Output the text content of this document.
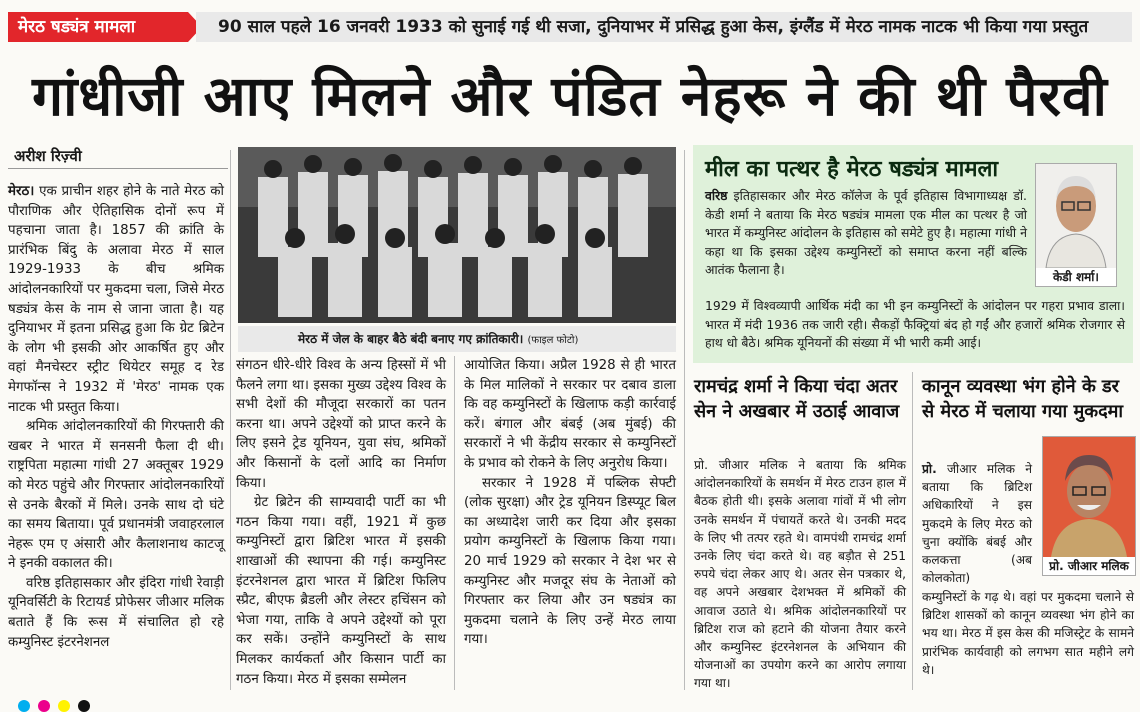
मेरठ षड्यंत्र मामला	90 साल पहले 16 जनवरी 1933 को सुनाई गई थी सजा, दुनियाभर में प्रसिद्ध हुआ केस, इंग्लैंड में मेरठ नामक नाटक भी किया गया प्रस्तुत
गांधीजी आए मिलने और पंडित नेहरू ने की थी पैरवी
अरीश रिज़्वी

मेरठ। एक प्राचीन शहर होने के नाते मेरठ को पौराणिक और ऐतिहासिक दोनों रूप में पहचाना जाता है। 1857 की क्रांति के प्रारंभिक बिंदु के अलावा मेरठ में साल 1929-1933 के बीच श्रमिक आंदोलनकारियों पर मुकदमा चला, जिसे मेरठ षड्यंत्र केस के नाम से जाना जाता है। यह दुनियाभर में इतना प्रसिद्ध हुआ कि ग्रेट ब्रिटेन के लोग भी इसकी ओर आकर्षित हुए और वहां मैनचेस्टर स्ट्रीट थियेटर समूह द रेड मेगफॉन्स ने 1932 में 'मेरठ' नामक एक नाटक भी प्रस्तुत किया।

श्रमिक आंदोलनकारियों की गिरफ्तारी की खबर ने भारत में सनसनी फैला दी थी। राष्ट्रपिता महात्मा गांधी 27 अक्तूबर 1929 को मेरठ पहुंचे और गिरफ्तार आंदोलनकारियों से उनके बैरकों में मिले। उनके साथ दो घंटे का समय बिताया। पूर्व प्रधानमंत्री जवाहरलाल नेहरू एम ए अंसारी और कैलाशनाथ काटजू ने इनकी वकालत की।

वरिष्ठ इतिहासकार और इंदिरा गांधी रेवाड़ी यूनिवर्सिटी के रिटायर्ड प्रोफेसर जीआर मलिक बताते हैं कि रूस में संचालित हो रहे कम्युनिस्ट इंटरनेशनल

मेरठ में जेल के बाहर बैठे बंदी बनाए गए क्रांतिकारी। (फाइल फोटो)

संगठन धीरे-धीरे विश्व के अन्य हिस्सों में भी फैलने लगा था। इसका मुख्य उद्देश्य विश्व के सभी देशों की मौजूदा सरकारों का पतन करना था। अपने उद्देश्यों को प्राप्त करने के लिए इसने ट्रेड यूनियन, युवा संघ, श्रमिकों और किसानों के दलों आदि का निर्माण किया।

ग्रेट ब्रिटेन की साम्यवादी पार्टी का भी गठन किया गया। वहीं, 1921 में कुछ कम्युनिस्टों द्वारा ब्रिटिश भारत में इसकी शाखाओं की स्थापना की गई। कम्युनिस्ट इंटरनेशनल द्वारा भारत में ब्रिटिश फिलिप स्प्रैट, बीएफ ब्रैडली और लेस्टर हचिंसन को भेजा गया, ताकि वे अपने उद्देश्यों को पूरा कर सकें। उन्होंने कम्युनिस्टों के साथ मिलकर कार्यकर्ता और किसान पार्टी का गठन किया। मेरठ में इसका सम्मेलन

आयोजित किया। अप्रैल 1928 से ही भारत के मिल मालिकों ने सरकार पर दबाव डाला कि वह कम्युनिस्टों के खिलाफ कड़ी कार्रवाई करें। बंगाल और बंबई (अब मुंबई) की सरकारों ने भी केंद्रीय सरकार से कम्युनिस्टों के प्रभाव को रोकने के लिए अनुरोध किया।

सरकार ने 1928 में पब्लिक सेफ्टी (लोक सुरक्षा) और ट्रेड यूनियन डिस्प्यूट बिल का अध्यादेश जारी कर दिया और इसका प्रयोग कम्युनिस्टों के खिलाफ किया गया। 20 मार्च 1929 को सरकार ने देश भर से कम्युनिस्ट और मजदूर संघ के नेताओं को गिरफ्तार कर लिया और उन षड्यंत्र का मुकदमा चलाने के लिए उन्हें मेरठ लाया गया।

मील का पत्थर है मेरठ षड्यंत्र मामला
वरिष्ठ इतिहासकार और मेरठ कॉलेज के पूर्व इतिहास विभागाध्यक्ष डॉ. केडी शर्मा ने बताया कि मेरठ षड्यंत्र मामला एक मील का पत्थर है जो भारत में कम्युनिस्ट आंदोलन के इतिहास को समेटे हुए है। महात्मा गांधी ने कहा था कि इसका उद्देश्य कम्युनिस्टों को समाप्त करना नहीं बल्कि आतंक फैलाना है।
1929 में विश्वव्यापी आर्थिक मंदी का भी इन कम्युनिस्टों के आंदोलन पर गहरा प्रभाव डाला। भारत में मंदी 1936 तक जारी रही। सैकड़ों फैक्ट्रियां बंद हो गईं और हजारों श्रमिक रोजगार से हाथ धो बैठे। श्रमिक यूनियनों की संख्या में भी भारी कमी आई।
केडी शर्मा।
रामचंद्र शर्मा ने किया चंदा अतर सेन ने अखबार में उठाई आवाज
प्रो. जीआर मलिक ने बताया कि श्रमिक आंदोलनकारियों के समर्थन में मेरठ टाउन हाल में बैठक होती थी। इसके अलावा गांवों में भी लोग उनके समर्थन में पंचायतें करते थे। उनकी मदद के लिए भी तत्पर रहते थे। वामपंथी रामचंद्र शर्मा उनके लिए चंदा करते थे। वह बड़ौत से 251 रुपये चंदा लेकर आए थे। अतर सेन पत्रकार थे, वह अपने अखबार देशभक्त में श्रमिकों की आवाज उठाते थे। श्रमिक आंदोलनकारियों पर ब्रिटिश राज को हटाने की योजना तैयार करने और कम्युनिस्ट इंटरनेशनल के अभियान की योजनाओं का उपयोग करने का आरोप लगाया गया था।
कानून व्यवस्था भंग होने के डर से मेरठ में चलाया गया मुकदमा
प्रो. जीआर मलिक ने बताया कि ब्रिटिश अधिकारियों ने इस मुकदमे के लिए मेरठ को चुना क्योंकि बंबई और कलकत्ता (अब कोलकोता)
प्रो. जीआर मलिक
कम्युनिस्टों के गढ़ थे। वहां पर मुकदमा चलाने से ब्रिटिश शासकों को कानून व्यवस्था भंग होने का भय था। मेरठ में इस केस की मजिस्ट्रेट के सामने प्रारंभिक कार्यवाही को लगभग सात महीने लगे थे।
